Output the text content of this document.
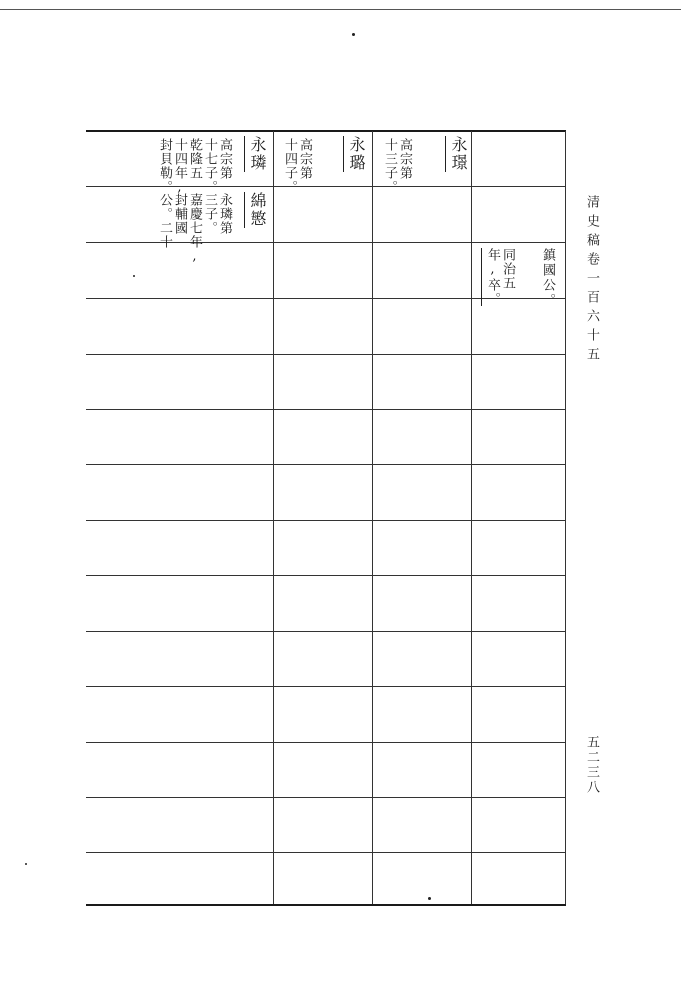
永璟
高宗第
十三子。
永璐
高宗第
十四子。
永璘
高宗第
十七子。
乾隆五
十四年,
封貝勒。
綿慜
永璘第
三子。
嘉慶七年,
封輔國
公。二十
鎮國公。
同治五
年,卒。	清史稿卷一百六十五
五二三八
